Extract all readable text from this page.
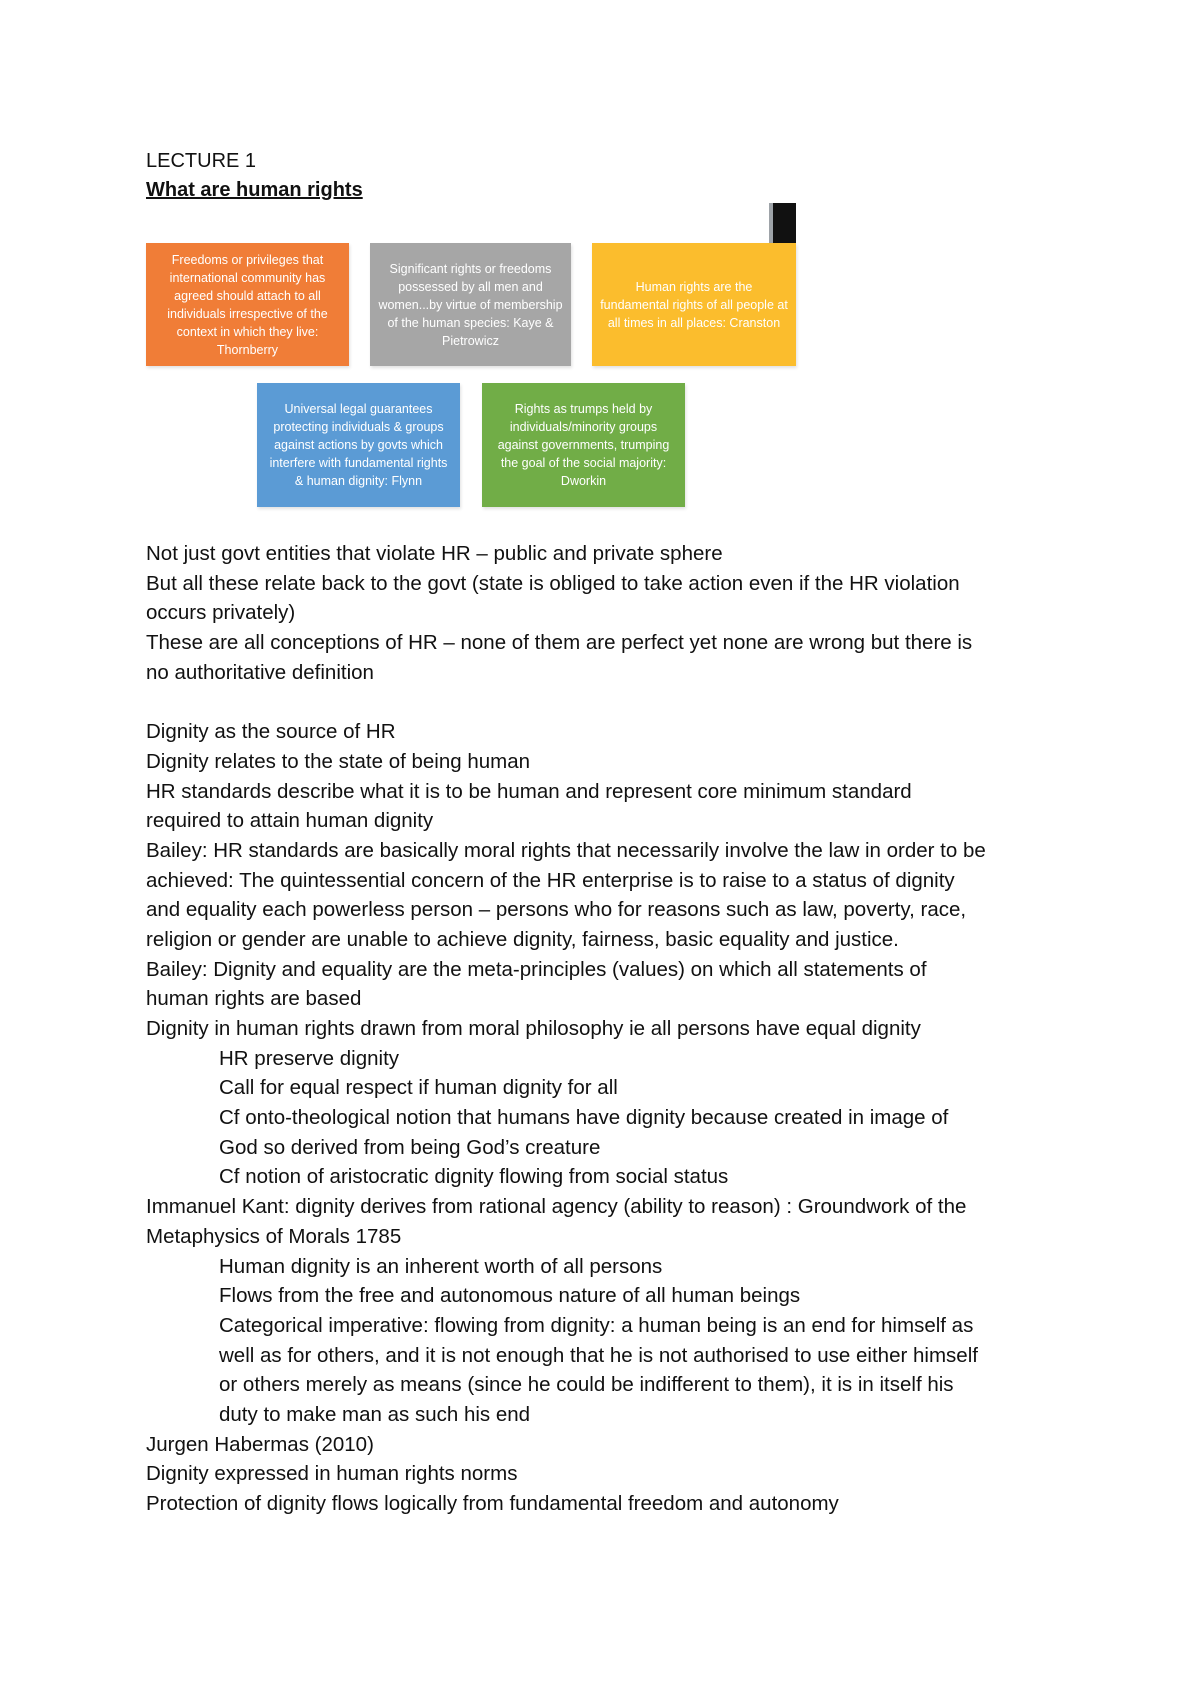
LECTURE 1
What are human rights
Freedoms or privileges that international community has agreed should attach to all individuals irrespective of the context in which they live: Thornberry
Significant rights or freedoms possessed by all men and women...by virtue of membership of the human species: Kaye & Pietrowicz
Human rights are the fundamental rights of all people at all times in all places: Cranston
Universal legal guarantees protecting individuals & groups against actions by govts which interfere with fundamental rights & human dignity: Flynn
Rights as trumps held by individuals/minority groups against governments, trumping the goal of the social majority: Dworkin
Not just govt entities that violate HR – public and private sphere
But all these relate back to the govt (state is obliged to take action even if the HR violation
occurs privately)
These are all conceptions of HR – none of them are perfect yet none are wrong but there is
no authoritative definition
Dignity as the source of HR
Dignity relates to the state of being human
HR standards describe what it is to be human and represent core minimum standard
required to attain human dignity
Bailey: HR standards are basically moral rights that necessarily involve the law in order to be
achieved: The quintessential concern of the HR enterprise is to raise to a status of dignity
and equality each powerless person – persons who for reasons such as law, poverty, race,
religion or gender are unable to achieve dignity, fairness, basic equality and justice.
Bailey: Dignity and equality are the meta-principles (values) on which all statements of
human rights are based
Dignity in human rights drawn from moral philosophy ie all persons have equal dignity
HR preserve dignity
Call for equal respect if human dignity for all
Cf onto-theological notion that humans have dignity because created in image of
God so derived from being God’s creature
Cf notion of aristocratic dignity flowing from social status
Immanuel Kant: dignity derives from rational agency (ability to reason) : Groundwork of the
Metaphysics of Morals 1785
Human dignity is an inherent worth of all persons
Flows from the free and autonomous nature of all human beings
Categorical imperative: flowing from dignity: a human being is an end for himself as
well as for others, and it is not enough that he is not authorised to use either himself
or others merely as means (since he could be indifferent to them), it is in itself his
duty to make man as such his end
Jurgen Habermas (2010)
Dignity expressed in human rights norms
Protection of dignity flows logically from fundamental freedom and autonomy
